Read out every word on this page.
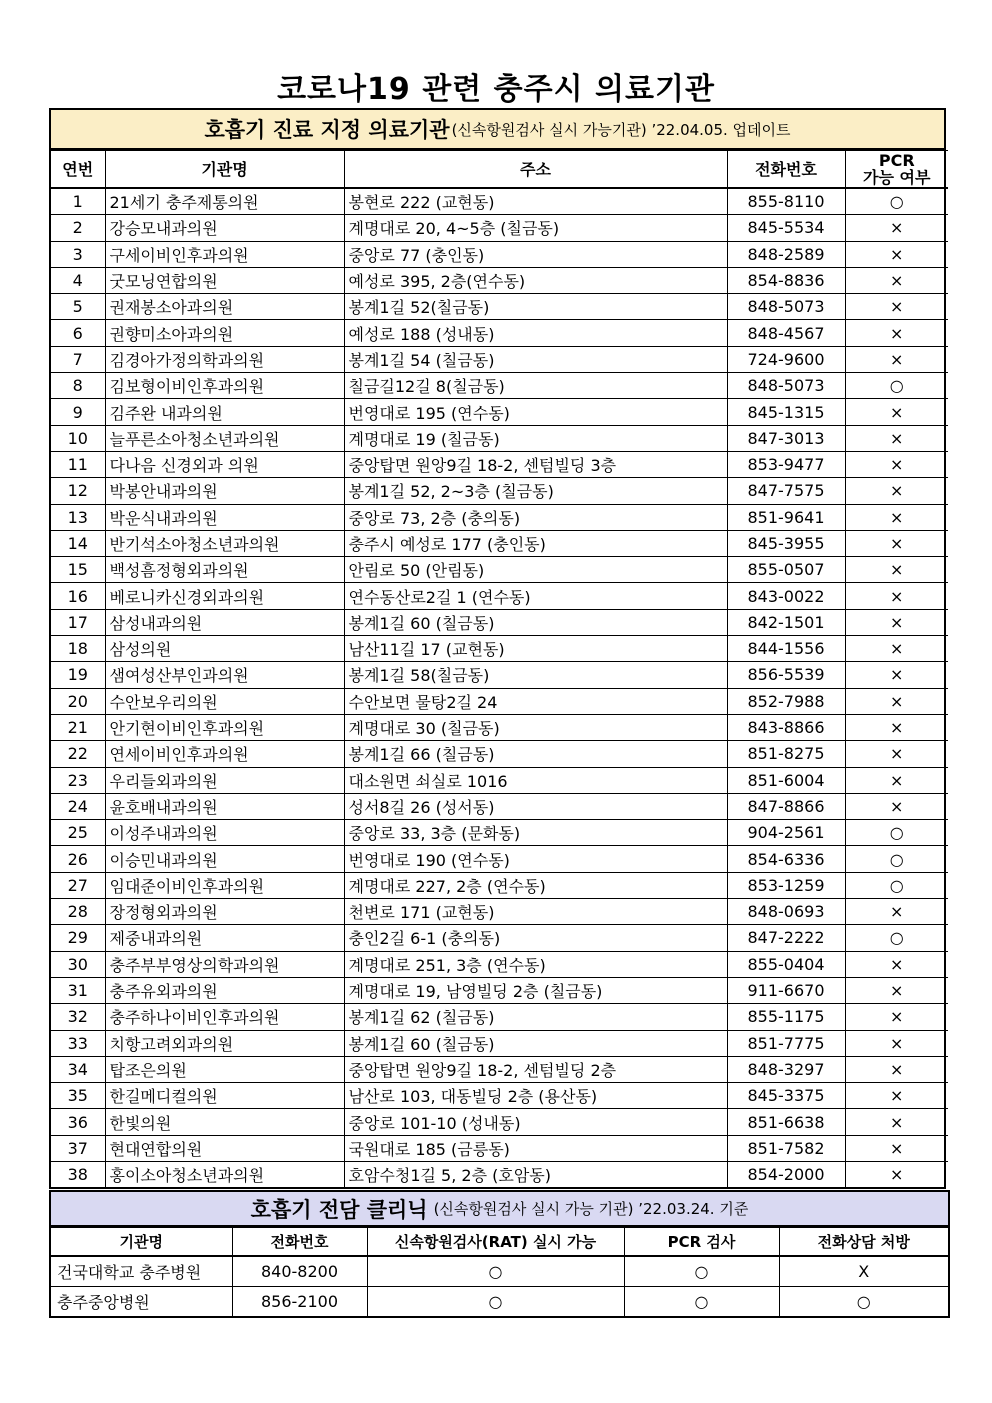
코로나19 관련 충주시 의료기관
호흡기 진료 지정 의료기관 (신속항원검사 실시 가능기관) ’22.04.05. 업데이트
연번	기관명	주소	전화번호	PCR
가능 여부
1	21세기 충주제통의원	봉현로 222 (교현동)	855-8110	○
2	강승모내과의원	계명대로 20, 4~5층 (칠금동)	845-5534	×
3	구세이비인후과의원	중앙로 77 (충인동)	848-2589	×
4	굿모닝연합의원	예성로 395, 2층(연수동)	854-8836	×
5	권재봉소아과의원	봉계1길 52(칠금동)	848-5073	×
6	권향미소아과의원	예성로 188 (성내동)	848-4567	×
7	김경아가정의학과의원	봉계1길 54 (칠금동)	724-9600	×
8	김보형이비인후과의원	칠금길12길 8(칠금동)	848-5073	○
9	김주완 내과의원	번영대로 195 (연수동)	845-1315	×
10	늘푸른소아청소년과의원	계명대로 19 (칠금동)	847-3013	×
11	다나음 신경외과 의원	중앙탑면 원앙9길 18-2, 센텀빌딩 3층	853-9477	×
12	박봉안내과의원	봉계1길 52, 2~3층 (칠금동)	847-7575	×
13	박운식내과의원	중앙로 73, 2층 (충의동)	851-9641	×
14	반기석소아청소년과의원	충주시 예성로 177 (충인동)	845-3955	×
15	백성흠정형외과의원	안림로 50 (안림동)	855-0507	×
16	베로니카신경외과의원	연수동산로2길 1 (연수동)	843-0022	×
17	삼성내과의원	봉계1길 60 (칠금동)	842-1501	×
18	삼성의원	남산11길 17 (교현동)	844-1556	×
19	샘여성산부인과의원	봉계1길 58(칠금동)	856-5539	×
20	수안보우리의원	수안보면 물탕2길 24	852-7988	×
21	안기현이비인후과의원	계명대로 30 (칠금동)	843-8866	×
22	연세이비인후과의원	봉계1길 66 (칠금동)	851-8275	×
23	우리들외과의원	대소원면 쇠실로 1016	851-6004	×
24	윤호배내과의원	성서8길 26 (성서동)	847-8866	×
25	이성주내과의원	중앙로 33, 3층 (문화동)	904-2561	○
26	이승민내과의원	번영대로 190 (연수동)	854-6336	○
27	임대준이비인후과의원	계명대로 227, 2층 (연수동)	853-1259	○
28	장정형외과의원	천변로 171 (교현동)	848-0693	×
29	제중내과의원	충인2길 6-1 (충의동)	847-2222	○
30	충주부부영상의학과의원	계명대로 251, 3층 (연수동)	855-0404	×
31	충주유외과의원	계명대로 19, 남영빌딩 2층 (칠금동)	911-6670	×
32	충주하나이비인후과의원	봉계1길 62 (칠금동)	855-1175	×
33	치항고려외과의원	봉계1길 60 (칠금동)	851-7775	×
34	탑조은의원	중앙탑면 원앙9길 18-2, 센텀빌딩 2층	848-3297	×
35	한길메디컬의원	남산로 103, 대동빌딩 2층 (용산동)	845-3375	×
36	한빛의원	중앙로 101-10 (성내동)	851-6638	×
37	현대연합의원	국원대로 185 (금릉동)	851-7582	×
38	홍이소아청소년과의원	호암수청1길 5, 2층 (호암동)	854-2000	×
호흡기 전담 클리닉 (신속항원검사 실시 가능 기관) ’22.03.24. 기준
기관명	전화번호	신속항원검사(RAT) 실시 가능	PCR 검사	전화상담 처방
건국대학교 충주병원	840-8200	○	○	X
충주중앙병원	856-2100	○	○	○
